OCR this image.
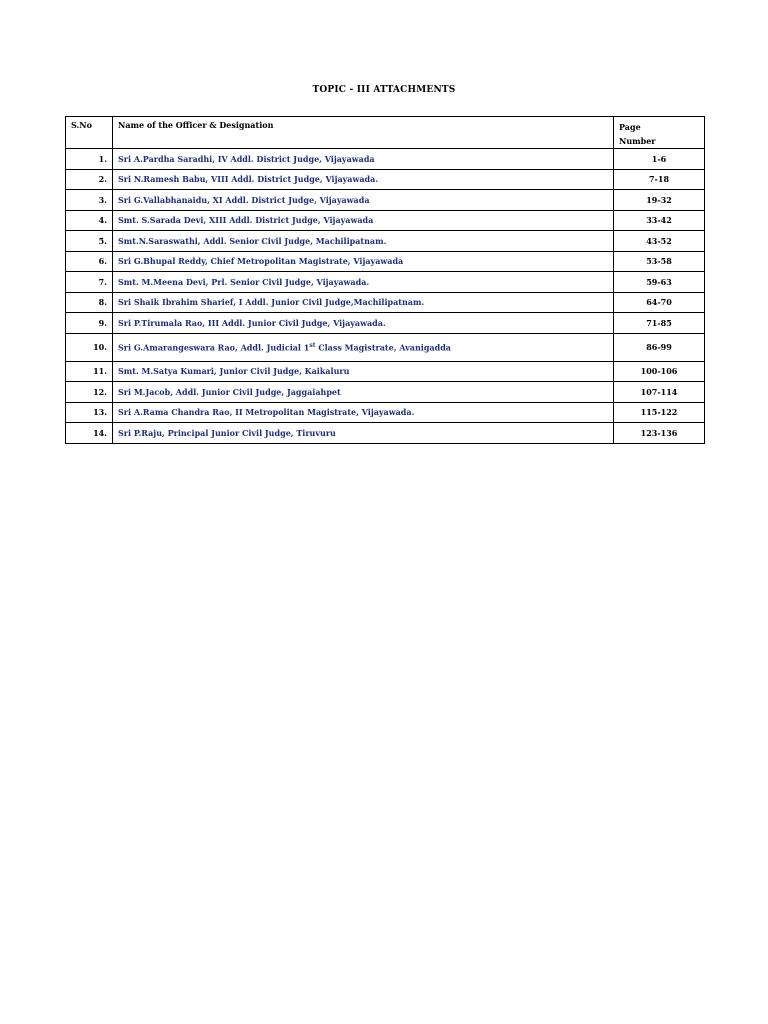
TOPIC - III ATTACHMENTS
S.No	Name of the Officer & Designation	Page
Number

1.	Sri A.Pardha Saradhi, IV Addl. District Judge, Vijayawada	1-6
2.	Sri N.Ramesh Babu, VIII Addl. District Judge, Vijayawada.	7-18
3.	Sri G.Vallabhanaidu, XI Addl. District Judge, Vijayawada	19-32
4.	Smt. S.Sarada Devi, XIII Addl. District Judge, Vijayawada	33-42
5.	Smt.N.Saraswathi, Addl. Senior Civil Judge, Machilipatnam.	43-52
6.	Sri G.Bhupal Reddy, Chief Metropolitan Magistrate, Vijayawada	53-58
7.	Smt. M.Meena Devi, Prl. Senior Civil Judge, Vijayawada.	59-63
8.	Sri Shaik Ibrahim Sharief, I Addl. Junior Civil Judge,Machilipatnam.	64-70
9.	Sri P.Tirumala Rao, III Addl. Junior Civil Judge, Vijayawada.	71-85
10.	Sri G.Amarangeswara Rao, Addl. Judicial 1st Class Magistrate, Avanigadda	86-99
11.	Smt. M.Satya Kumari, Junior Civil Judge, Kaikaluru	100-106
12.	Sri M.Jacob, Addl. Junior Civil Judge, Jaggaiahpet	107-114
13.	Sri A.Rama Chandra Rao, II Metropolitan Magistrate, Vijayawada.	115-122
14.	Sri P.Raju, Principal Junior Civil Judge, Tiruvuru	123-136
